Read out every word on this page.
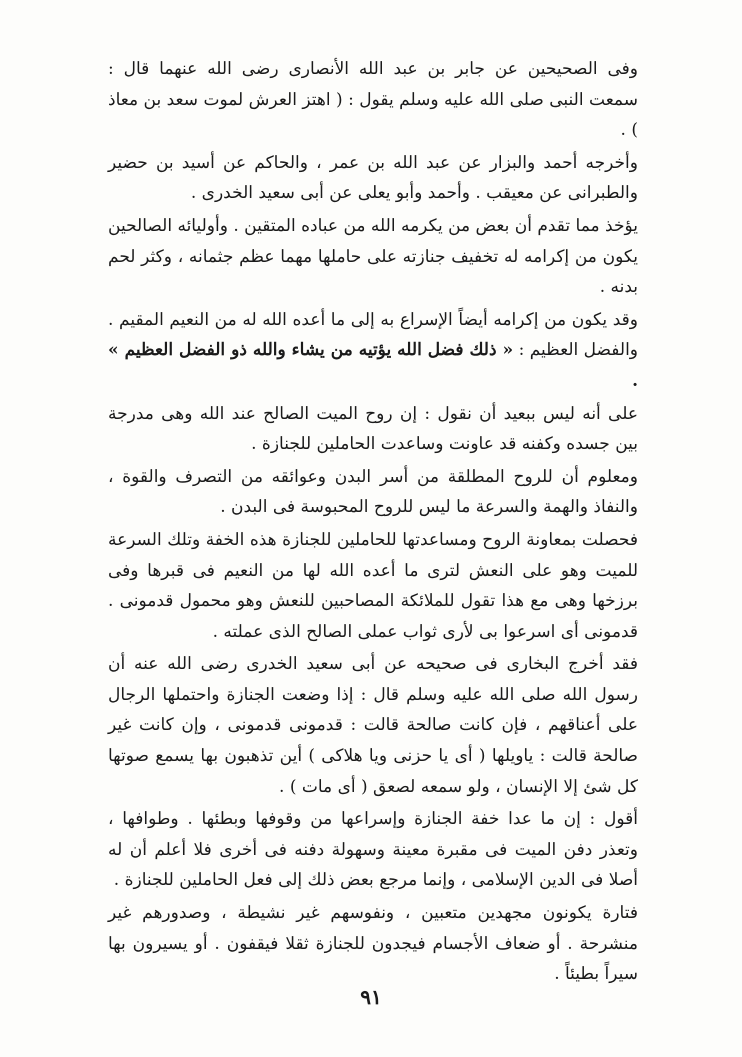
وفى الصحيحين عن جابر بن عبد الله الأنصارى رضى الله عنهما قال : سمعت النبى صلى الله عليه وسلم يقول : ( اهتز العرش لموت سعد بن معاذ ) .

وأخرجه أحمد والبزار عن عبد الله بن عمر ، والحاكم عن أسيد بن حضير والطبرانى عن معيقب . وأحمد وأبو يعلى عن أبى سعيد الخدرى .

يؤخذ مما تقدم أن بعض من يكرمه الله من عباده المتقين . وأوليائه الصالحين يكون من إكرامه له تخفيف جنازته على حاملها مهما عظم جثمانه ، وكثر لحم بدنه .

وقد يكون من إكرامه أيضاً الإسراع به إلى ما أعده الله له من النعيم المقيم . والفضل العظيم : « ذلك فضل الله يؤتيه من يشاء والله ذو الفضل العظيم » .

على أنه ليس ببعيد أن نقول : إن روح الميت الصالح عند الله وهى مدرجة بين جسده وكفنه قد عاونت وساعدت الحاملين للجنازة .

ومعلوم أن للروح المطلقة من أسر البدن وعوائقه من التصرف والقوة ، والنفاذ والهمة والسرعة ما ليس للروح المحبوسة فى البدن .

فحصلت بمعاونة الروح ومساعدتها للحاملين للجنازة هذه الخفة وتلك السرعة للميت وهو على النعش لترى ما أعده الله لها من النعيم فى قبرها وفى برزخها وهى مع هذا تقول للملائكة المصاحبين للنعش وهو محمول قدمونى . قدمونى أى اسرعوا بى لأرى ثواب عملى الصالح الذى عملته .

فقد أخرج البخارى فى صحيحه عن أبى سعيد الخدرى رضى الله عنه أن رسول الله صلى الله عليه وسلم قال : إذا وضعت الجنازة واحتملها الرجال على أعناقهم ، فإن كانت صالحة قالت : قدمونى قدمونى ، وإن كانت غير صالحة قالت : ياويلها ( أى يا حزنى ويا هلاكى ) أين تذهبون بها يسمع صوتها كل شئ إلا الإنسان ، ولو سمعه لصعق ( أى مات ) .

أقول : إن ما عدا خفة الجنازة وإسراعها من وقوفها وبطئها . وطوافها ، وتعذر دفن الميت فى مقبرة معينة وسهولة دفنه فى أخرى فلا أعلم أن له أصلا فى الدين الإسلامى ، وإنما مرجع بعض ذلك إلى فعل الحاملين للجنازة .

فتارة يكونون مجهدين متعبين ، ونفوسهم غير نشيطة ، وصدورهم غير منشرحة . أو ضعاف الأجسام فيجدون للجنازة ثقلا فيقفون . أو يسيرون بها سيراً بطيئاً .

٩١
